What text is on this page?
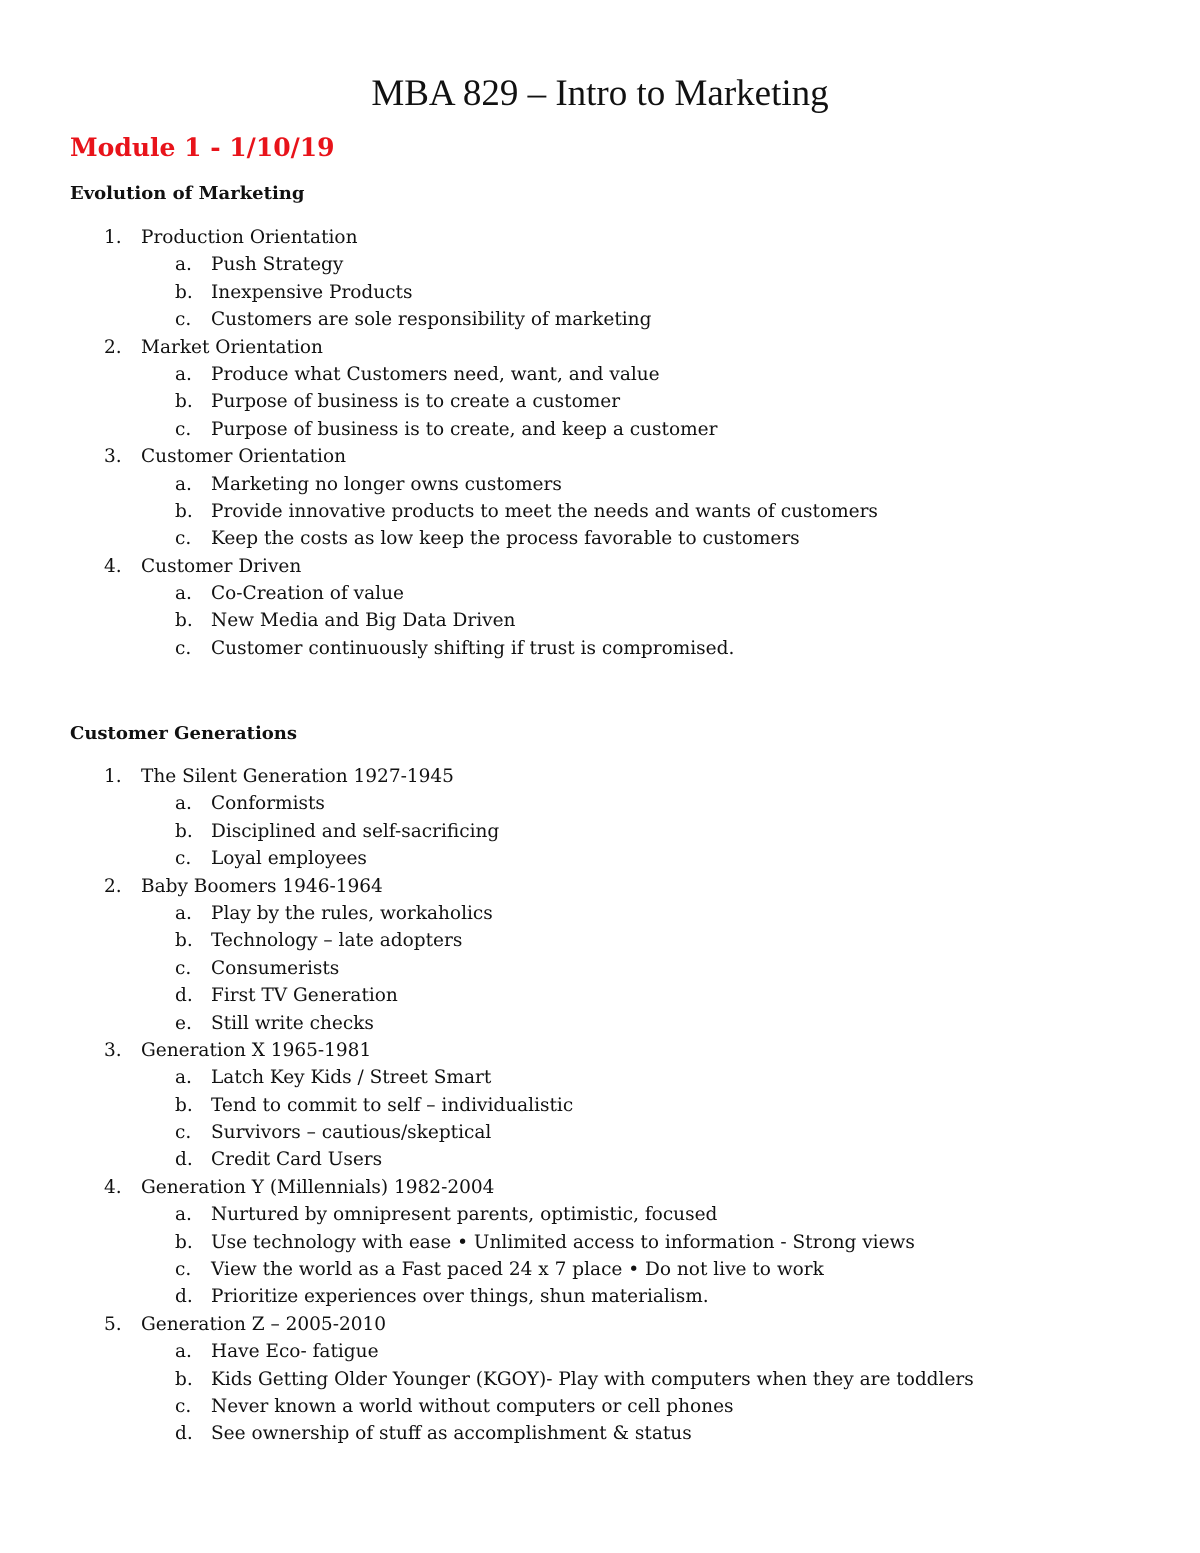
MBA 829 – Intro to Marketing
Module 1 - 1/10/19
Evolution of Marketing
1.	Production Orientation
a.	Push Strategy
b. Inexpensive Products
c.	Customers are sole responsibility of marketing
2.	Market Orientation
a.	Produce what Customers need, want, and value
b. Purpose of business is to create a customer
c.	Purpose of business is to create, and keep a customer
3.	Customer Orientation
a.	Marketing no longer owns customers
b. Provide innovative products to meet the needs and wants of customers
c.	Keep the costs as low keep the process favorable to customers
4.	Customer Driven
a.	Co-Creation of value
b. New Media and Big Data Driven
c.	Customer continuously shifting if trust is compromised.
Customer Generations
1.	The Silent Generation 1927-1945
a.	Conformists
b. Disciplined and self-sacrificing
c.	Loyal employees
2.	Baby Boomers 1946-1964
a.	Play by the rules, workaholics
b. Technology – late adopters
c.	Consumerists
d. First TV Generation
e.	Still write checks
3.	Generation X 1965-1981
a.	Latch Key Kids / Street Smart
b. Tend to commit to self – individualistic
c.	Survivors – cautious/skeptical
d. Credit Card Users
4.	Generation Y (Millennials) 1982-2004
a.	Nurtured by omnipresent parents, optimistic, focused
b. Use technology with ease • Unlimited access to information - Strong views
c.	View the world as a Fast paced 24 x 7 place • Do not live to work
d. Prioritize experiences over things, shun materialism.
5.	Generation Z – 2005-2010
a.	Have Eco- fatigue
b. Kids Getting Older Younger (KGOY)- Play with computers when they are toddlers
c.	Never known a world without computers or cell phones
d. See ownership of stuff as accomplishment & status
